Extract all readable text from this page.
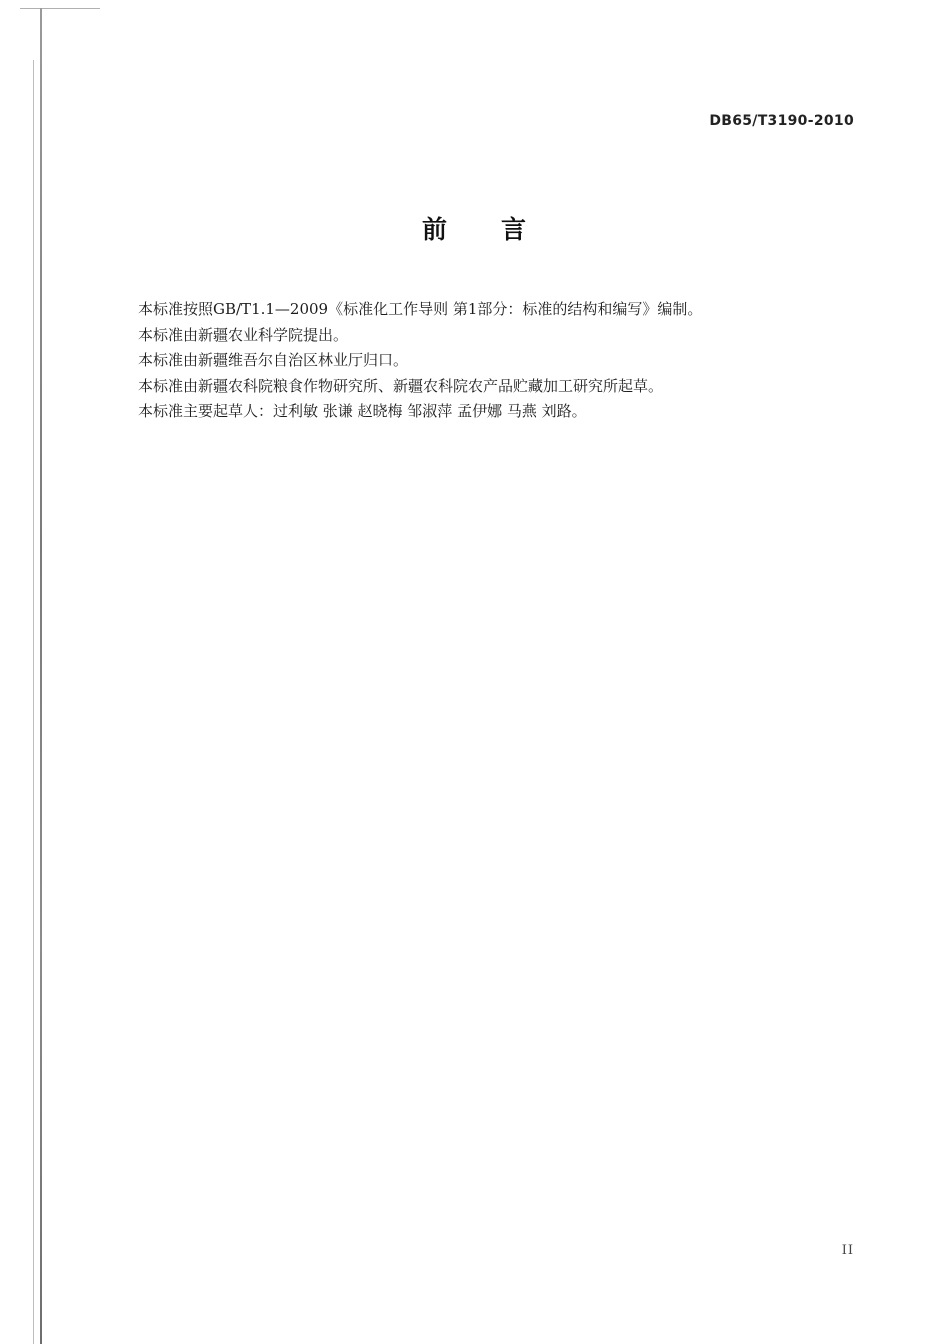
DB65/T3190-2010
前 言

本标准按照GB/T1.1—2009《标准化工作导则 第1部分：标准的结构和编写》编制。

本标准由新疆农业科学院提出。

本标准由新疆维吾尔自治区林业厅归口。

本标准由新疆农科院粮食作物研究所、新疆农科院农产品贮藏加工研究所起草。

本标准主要起草人：过利敏 张谦 赵晓梅 邹淑萍 孟伊娜 马燕 刘路。

II
